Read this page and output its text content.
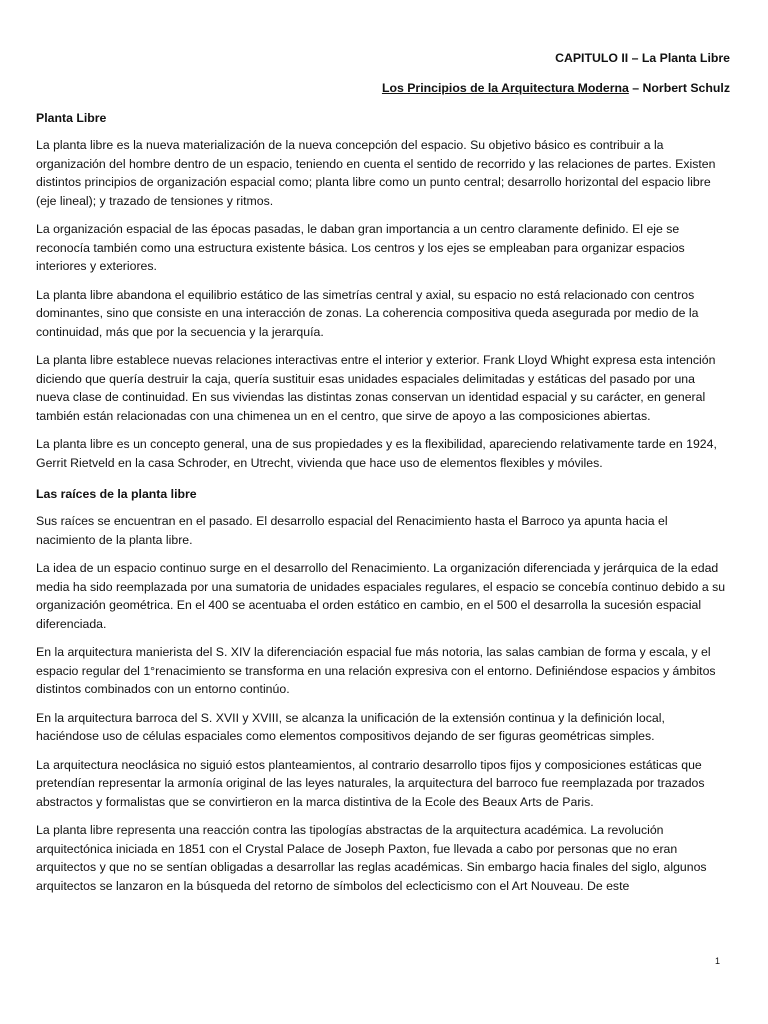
CAPITULO II – La Planta Libre
Los Principios de la Arquitectura Moderna – Norbert Schulz
Planta Libre

La planta libre es la nueva materialización de la nueva concepción del espacio. Su objetivo básico es contribuir a la organización del hombre dentro de un espacio, teniendo en cuenta el sentido de recorrido y las relaciones de partes. Existen distintos principios de organización espacial como; planta libre como un punto central; desarrollo horizontal del espacio libre (eje lineal); y trazado de tensiones y ritmos.

La organización espacial de las épocas pasadas, le daban gran importancia a un centro claramente definido. El eje se reconocía también como una estructura existente básica. Los centros y los ejes se empleaban para organizar espacios interiores y exteriores.

La planta libre abandona el equilibrio estático de las simetrías central y axial, su espacio no está relacionado con centros dominantes, sino que consiste en una interacción de zonas. La coherencia compositiva queda asegurada por medio de la continuidad, más que por la secuencia y la jerarquía.

La planta libre establece nuevas relaciones interactivas entre el interior y exterior. Frank Lloyd Whight expresa esta intención diciendo que quería destruir la caja, quería sustituir esas unidades espaciales delimitadas y estáticas del pasado por una nueva clase de continuidad. En sus viviendas las distintas zonas conservan un identidad espacial y su carácter, en general también están relacionadas con una chimenea un en el centro, que sirve de apoyo a las composiciones abiertas.

La planta libre es un concepto general, una de sus propiedades y es la flexibilidad, apareciendo relativamente tarde en 1924, Gerrit Rietveld en la casa Schroder, en Utrecht, vivienda que hace uso de elementos flexibles y móviles.

Las raíces de la planta libre

Sus raíces se encuentran en el pasado. El desarrollo espacial del Renacimiento hasta el Barroco ya apunta hacia el nacimiento de la planta libre.

La idea de un espacio continuo surge en el desarrollo del Renacimiento. La organización diferenciada y jerárquica de la edad media ha sido reemplazada por una sumatoria de unidades espaciales regulares, el espacio se concebía continuo debido a su organización geométrica. En el 400 se acentuaba el orden estático en cambio, en el 500 el desarrolla la sucesión espacial diferenciada.

En la arquitectura manierista del S. XIV la diferenciación espacial fue más notoria, las salas cambian de forma y escala, y el espacio regular del 1°renacimiento se transforma en una relación expresiva con el entorno. Definiéndose espacios y ámbitos distintos combinados con un entorno continúo.

En la arquitectura barroca del S. XVII y XVIII, se alcanza la unificación de la extensión continua y la definición local, haciéndose uso de células espaciales como elementos compositivos dejando de ser figuras geométricas simples.

La arquitectura neoclásica no siguió estos planteamientos, al contrario desarrollo tipos fijos y composiciones estáticas que pretendían representar la armonía original de las leyes naturales, la arquitectura del barroco fue reemplazada por trazados abstractos y formalistas que se convirtieron en la marca distintiva de la Ecole des Beaux Arts de Paris.

La planta libre representa una reacción contra las tipologías abstractas de la arquitectura académica. La revolución arquitectónica iniciada en 1851 con el Crystal Palace de Joseph Paxton, fue llevada a cabo por personas que no eran arquitectos y que no se sentían obligadas a desarrollar las reglas académicas. Sin embargo hacia finales del siglo, algunos arquitectos se lanzaron en la búsqueda del retorno de símbolos del eclecticismo con el Art Nouveau. De este

1
